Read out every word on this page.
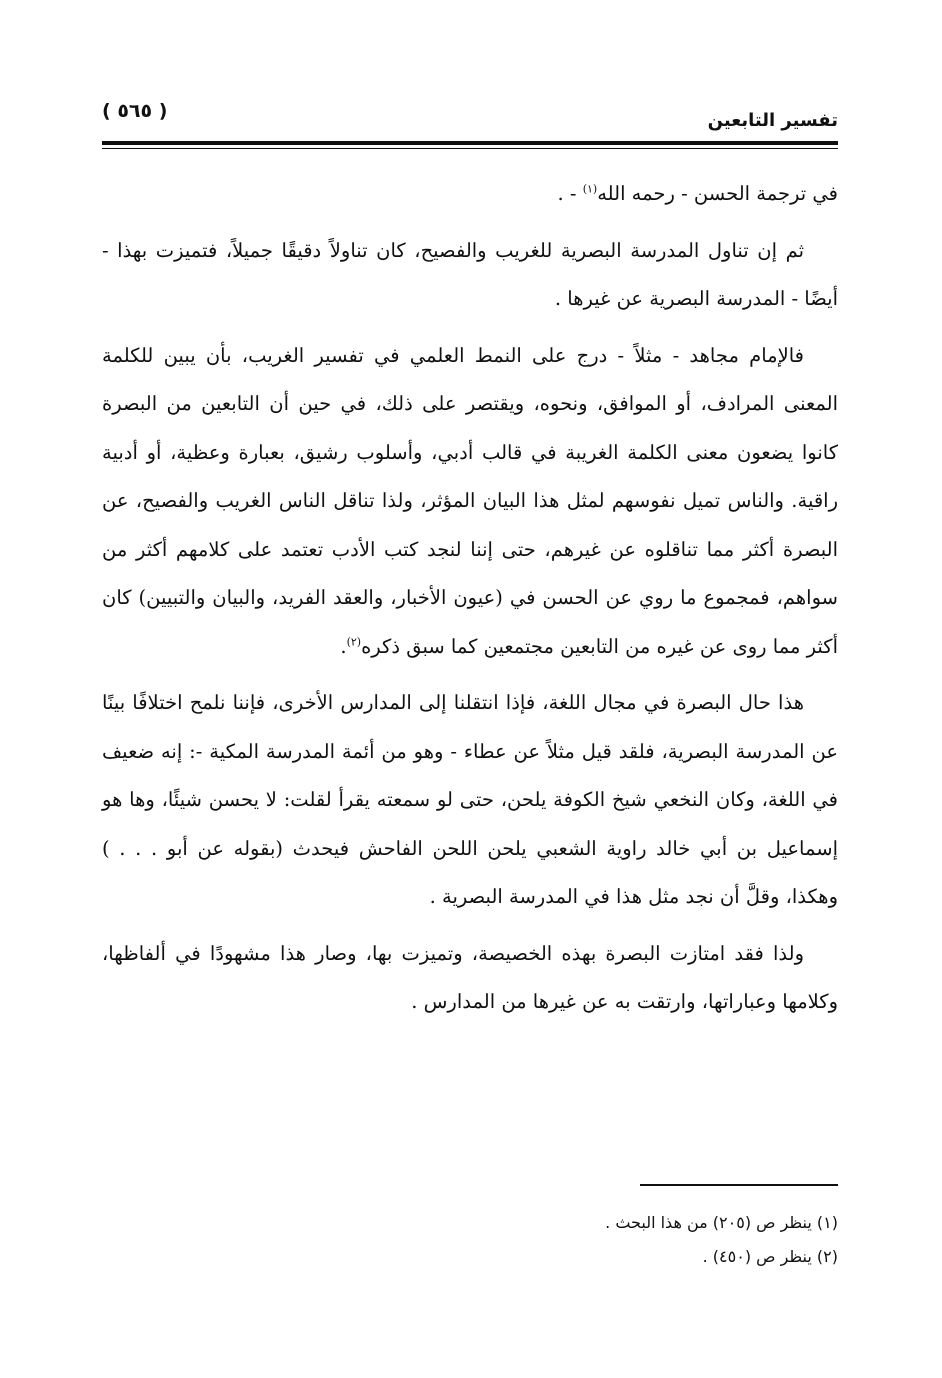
تفسير التابعين
( ٥٦٥ )

في ترجمة الحسن - رحمه الله$^{(١)}$ - .

ثم إن تناول المدرسة البصرية للغريب والفصيح، كان تناولاً دقيقًا جميلاً، فتميزت بهذا - أيضًا - المدرسة البصرية عن غيرها .

فالإمام مجاهد - مثلاً - درج على النمط العلمي في تفسير الغريب، بأن يبين للكلمة المعنى المرادف، أو الموافق، ونحوه، ويقتصر على ذلك، في حين أن التابعين من البصرة كانوا يضعون معنى الكلمة الغريبة في قالب أدبي، وأسلوب رشيق، بعبارة وعظية، أو أدبية راقية. والناس تميل نفوسهم لمثل هذا البيان المؤثر، ولذا تناقل الناس الغريب والفصيح، عن البصرة أكثر مما تناقلوه عن غيرهم، حتى إننا لنجد كتب الأدب تعتمد على كلامهم أكثر من سواهم، فمجموع ما روي عن الحسن في (عيون الأخبار، والعقد الفريد، والبيان والتبيين) كان أكثر مما روى عن غيره من التابعين مجتمعين كما سبق ذكره$^{(٢)}$.

هذا حال البصرة في مجال اللغة، فإذا انتقلنا إلى المدارس الأخرى، فإننا نلمح اختلافًا بينًا عن المدرسة البصرية، فلقد قيل مثلاً عن عطاء - وهو من أئمة المدرسة المكية -: إنه ضعيف في اللغة، وكان النخعي شيخ الكوفة يلحن، حتى لو سمعته يقرأ لقلت: لا يحسن شيئًا، وها هو إسماعيل بن أبي خالد راوية الشعبي يلحن اللحن الفاحش فيحدث (بقوله عن أبو . . . ) وهكذا، وقلَّ أن نجد مثل هذا في المدرسة البصرية .

ولذا فقد امتازت البصرة بهذه الخصيصة، وتميزت بها، وصار هذا مشهودًا في ألفاظها، وكلامها وعباراتها، وارتقت به عن غيرها من المدارس .

(١) ينظر ص (٢٠٥) من هذا البحث .
(٢) ينظر ص (٤٥٠) .
